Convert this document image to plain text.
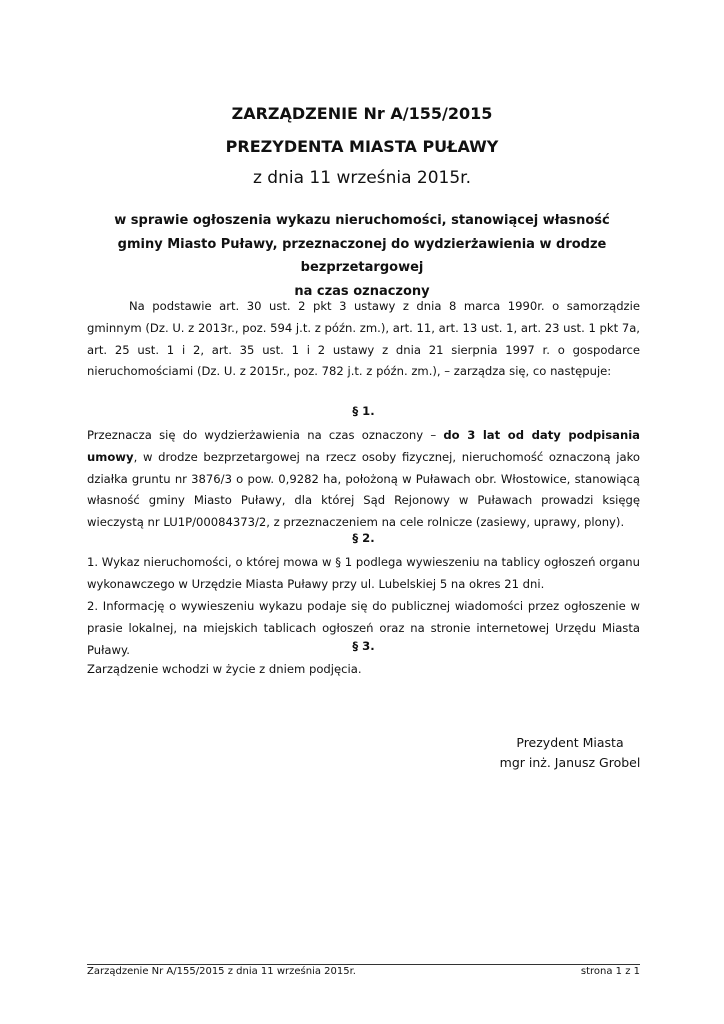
ZARZĄDZENIE Nr A/155/2015
PREZYDENTA MIASTA PUŁAWY
z dnia 11 września 2015r.
w sprawie ogłoszenia wykazu nieruchomości, stanowiącej własność
gminy Miasto Puławy, przeznaczonej do wydzierżawienia w drodze bezprzetargowej
na czas oznaczony
Na podstawie art. 30 ust. 2 pkt 3 ustawy z dnia 8 marca 1990r. o samorządzie gminnym (Dz. U. z 2013r., poz. 594 j.t. z późn. zm.), art. 11, art. 13 ust. 1, art. 23 ust. 1 pkt 7a, art. 25 ust. 1 i 2, art. 35 ust. 1 i 2 ustawy z dnia 21 sierpnia 1997 r. o gospodarce nieruchomościami (Dz. U. z 2015r., poz. 782 j.t. z późn. zm.), – zarządza się, co następuje:
§ 1.
Przeznacza się do wydzierżawienia na czas oznaczony – do 3 lat od daty podpisania umowy, w drodze bezprzetargowej na rzecz osoby fizycznej, nieruchomość oznaczoną jako działka gruntu nr 3876/3 o pow. 0,9282 ha, położoną w Puławach obr. Włostowice, stanowiącą własność gminy Miasto Puławy, dla której Sąd Rejonowy w Puławach prowadzi księgę wieczystą nr LU1P/00084373/2, z przeznaczeniem na cele rolnicze (zasiewy, uprawy, plony).
§ 2.
1. Wykaz nieruchomości, o której mowa w § 1 podlega wywieszeniu na tablicy ogłoszeń organu wykonawczego w Urzędzie Miasta Puławy przy ul. Lubelskiej 5 na okres 21 dni.
2. Informację o wywieszeniu wykazu podaje się do publicznej wiadomości przez ogłoszenie w prasie lokalnej, na miejskich tablicach ogłoszeń oraz na stronie internetowej Urzędu Miasta Puławy.	§ 3.
Zarządzenie wchodzi w życie z dniem podjęcia.
Prezydent Miasta
mgr inż. Janusz Grobel
Zarządzenie Nr A/155/2015 z dnia 11 września 2015r.	strona 1 z 1
